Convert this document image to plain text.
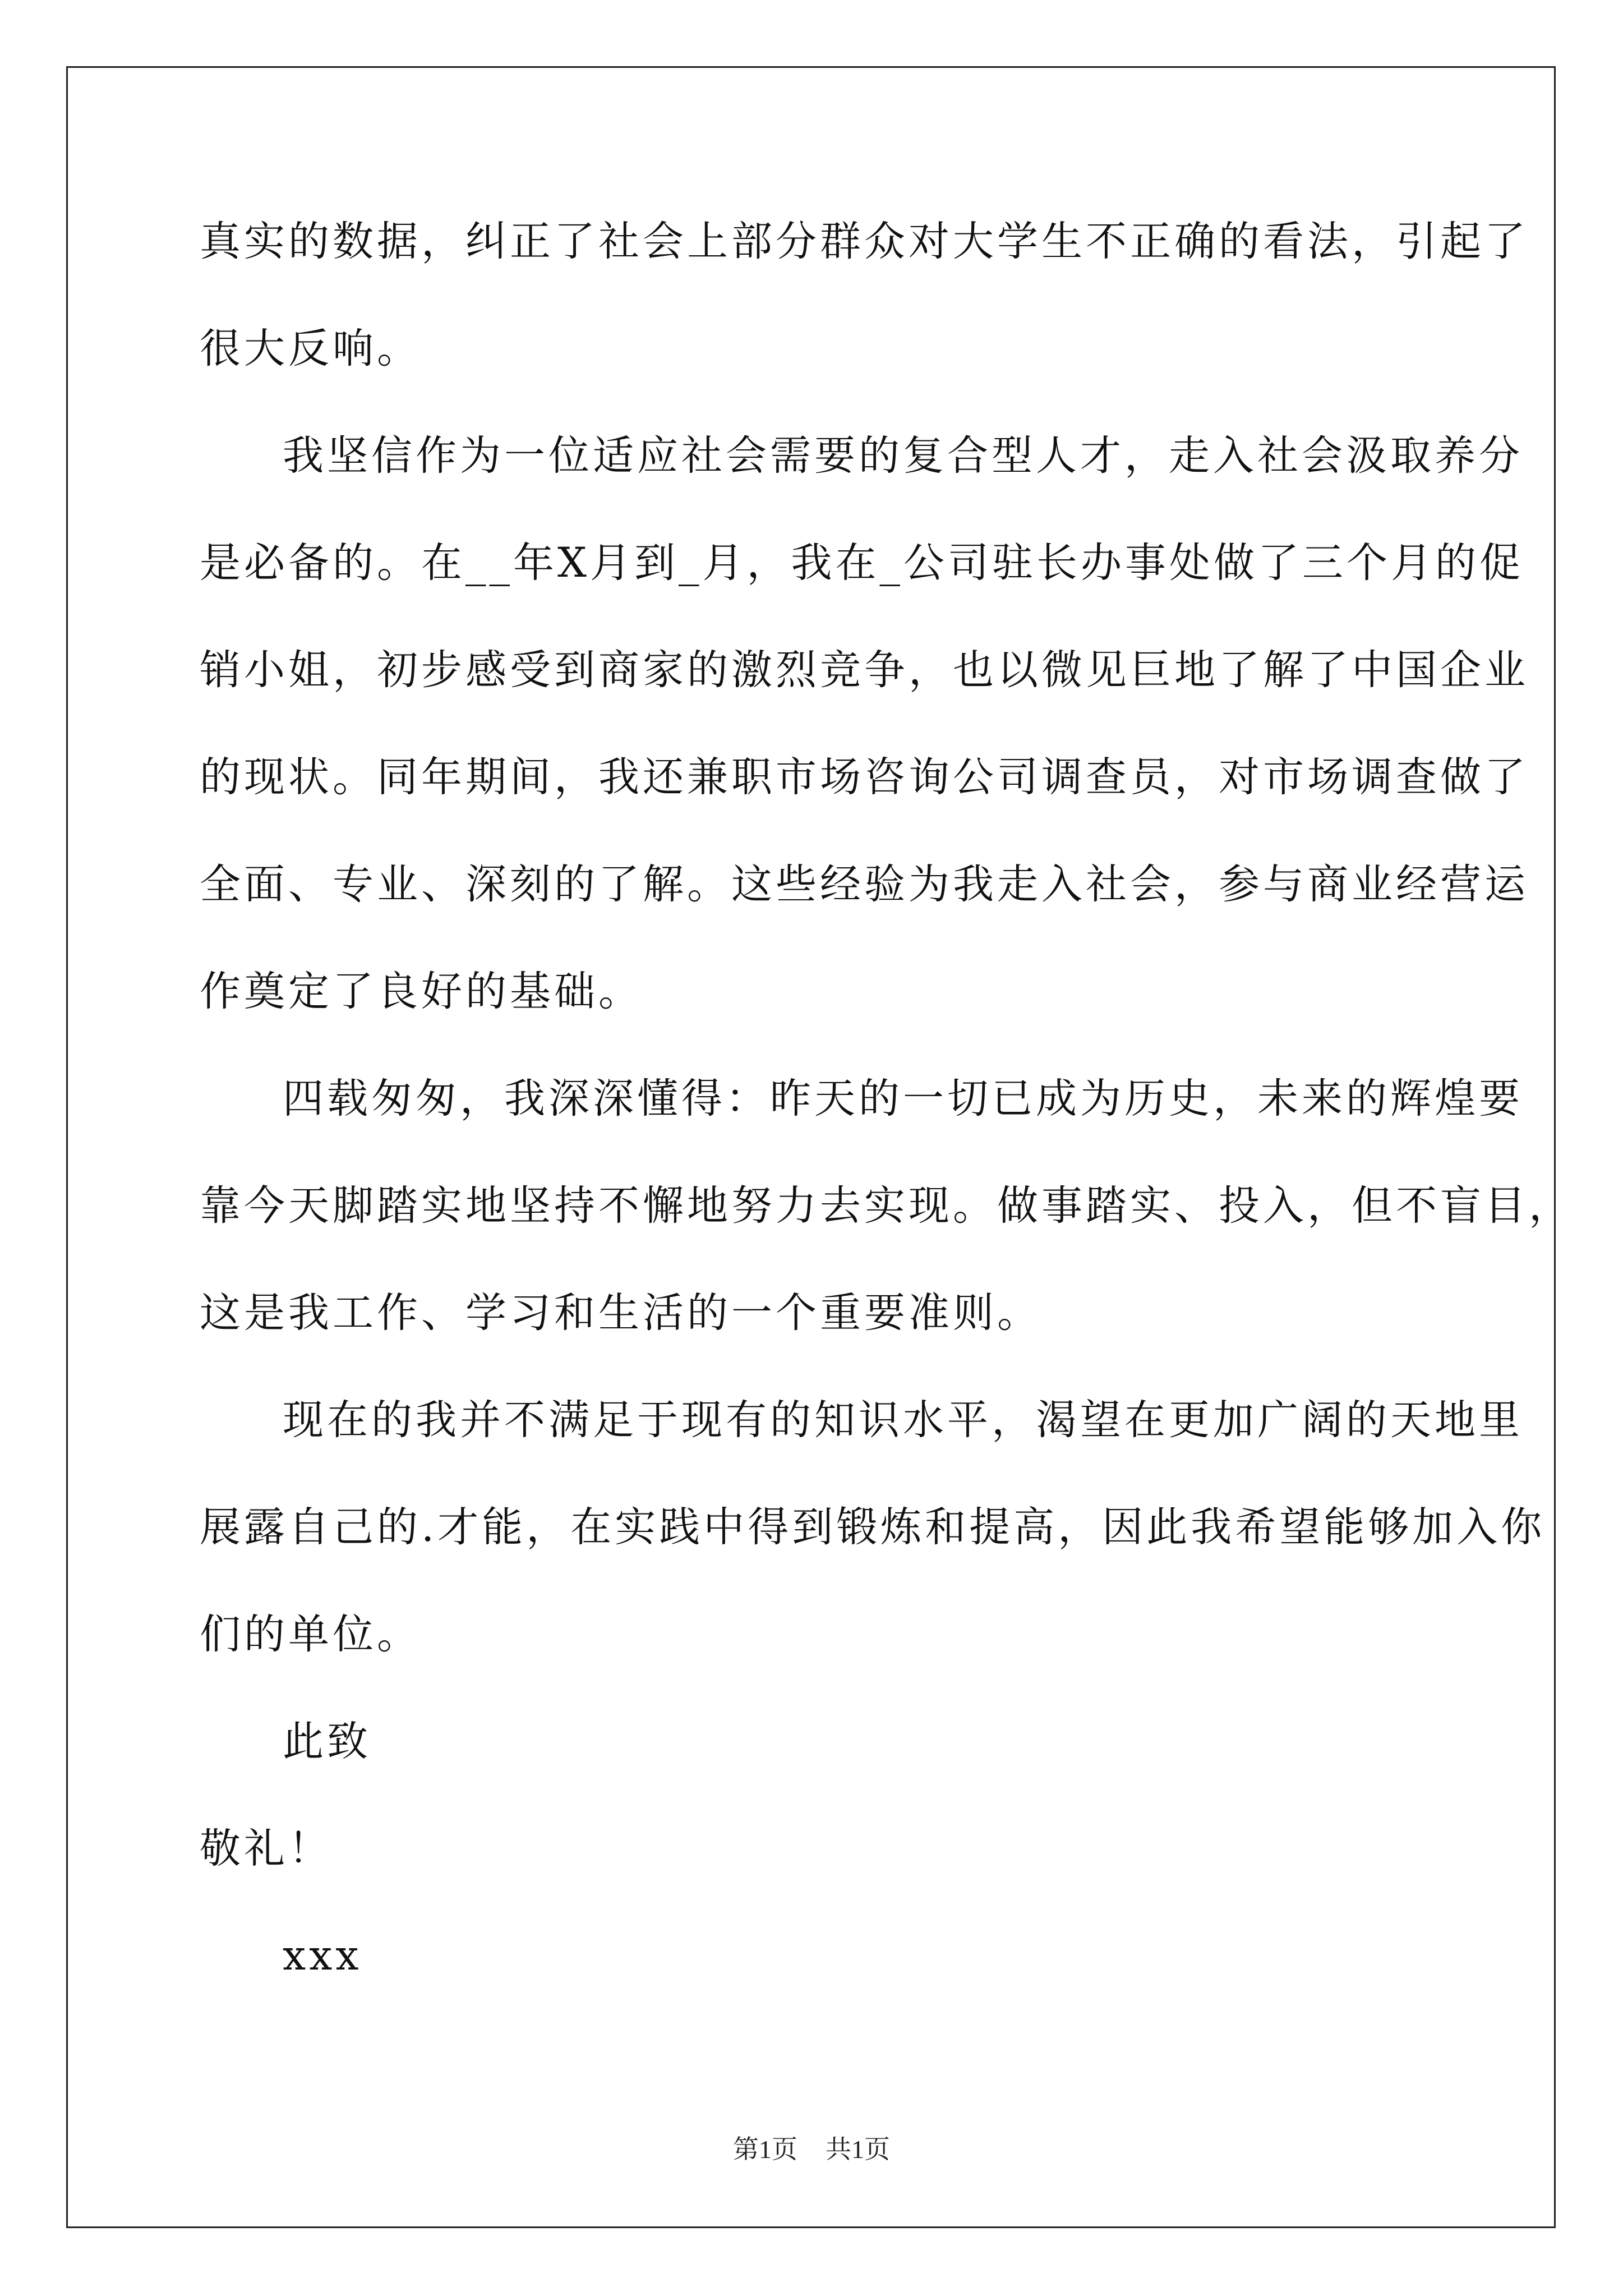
真实的数据，纠正了社会上部分群众对大学生不正确的看法，引起了
很大反响。
我坚信作为一位适应社会需要的复合型人才，走入社会汲取养分
是必备的。在__年X月到_月，我在_公司驻长办事处做了三个月的促
销小姐，初步感受到商家的激烈竞争，也以微见巨地了解了中国企业
的现状。同年期间，我还兼职市场咨询公司调查员，对市场调查做了
全面、专业、深刻的了解。这些经验为我走入社会，参与商业经营运
作奠定了良好的基础。
四载匆匆，我深深懂得：昨天的一切已成为历史，未来的辉煌要
靠今天脚踏实地坚持不懈地努力去实现。做事踏实、投入，但不盲目，
这是我工作、学习和生活的一个重要准则。
现在的我并不满足于现有的知识水平，渴望在更加广阔的天地里
展露自己的.才能，在实践中得到锻炼和提高，因此我希望能够加入你
们的单位。
此致
敬礼！
xxx
第1页 共1页
